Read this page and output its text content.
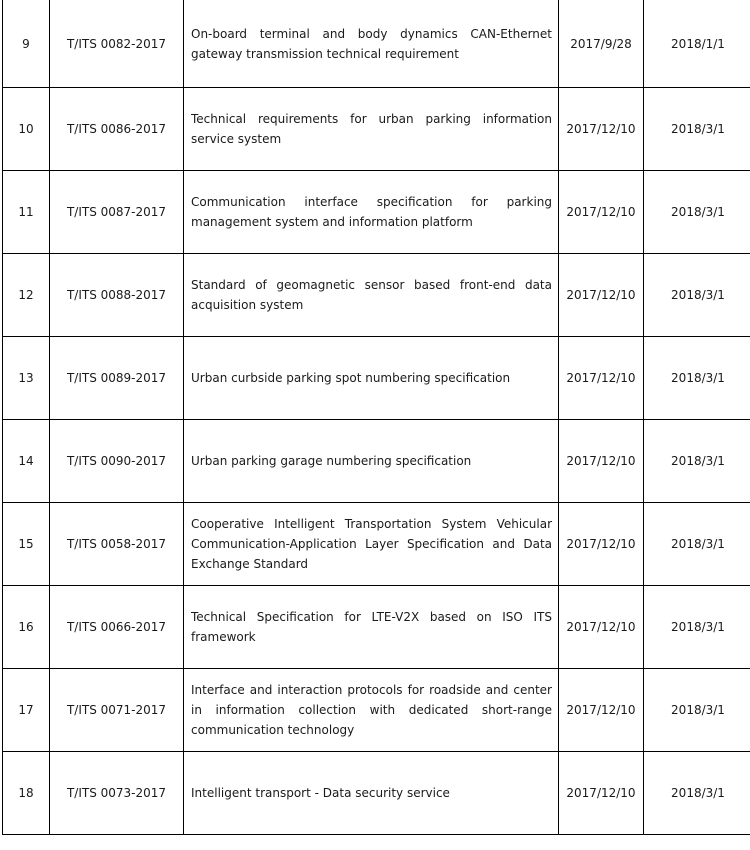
9	T/ITS 0082-2017	On-board terminal and body dynamics CAN-Ethernet gateway transmission technical requirement	2017/9/28	2018/1/1
10	T/ITS 0086-2017	Technical requirements for urban parking information service system	2017/12/10	2018/3/1
11	T/ITS 0087-2017	Communication interface specification for parking management system and information platform	2017/12/10	2018/3/1
12	T/ITS 0088-2017	Standard of geomagnetic sensor based front-end data acquisition system	2017/12/10	2018/3/1
13	T/ITS 0089-2017	Urban curbside parking spot numbering specification	2017/12/10	2018/3/1
14	T/ITS 0090-2017	Urban parking garage numbering specification	2017/12/10	2018/3/1
15	T/ITS 0058-2017	Cooperative Intelligent Transportation System Vehicular Communication-Application Layer Specification and Data Exchange Standard	2017/12/10	2018/3/1
16	T/ITS 0066-2017	Technical Specification for LTE-V2X based on ISO ITS framework	2017/12/10	2018/3/1
17	T/ITS 0071-2017	Interface and interaction protocols for roadside and center in information collection with dedicated short-range communication technology	2017/12/10	2018/3/1
18	T/ITS 0073-2017	Intelligent transport - Data security service	2017/12/10	2018/3/1
